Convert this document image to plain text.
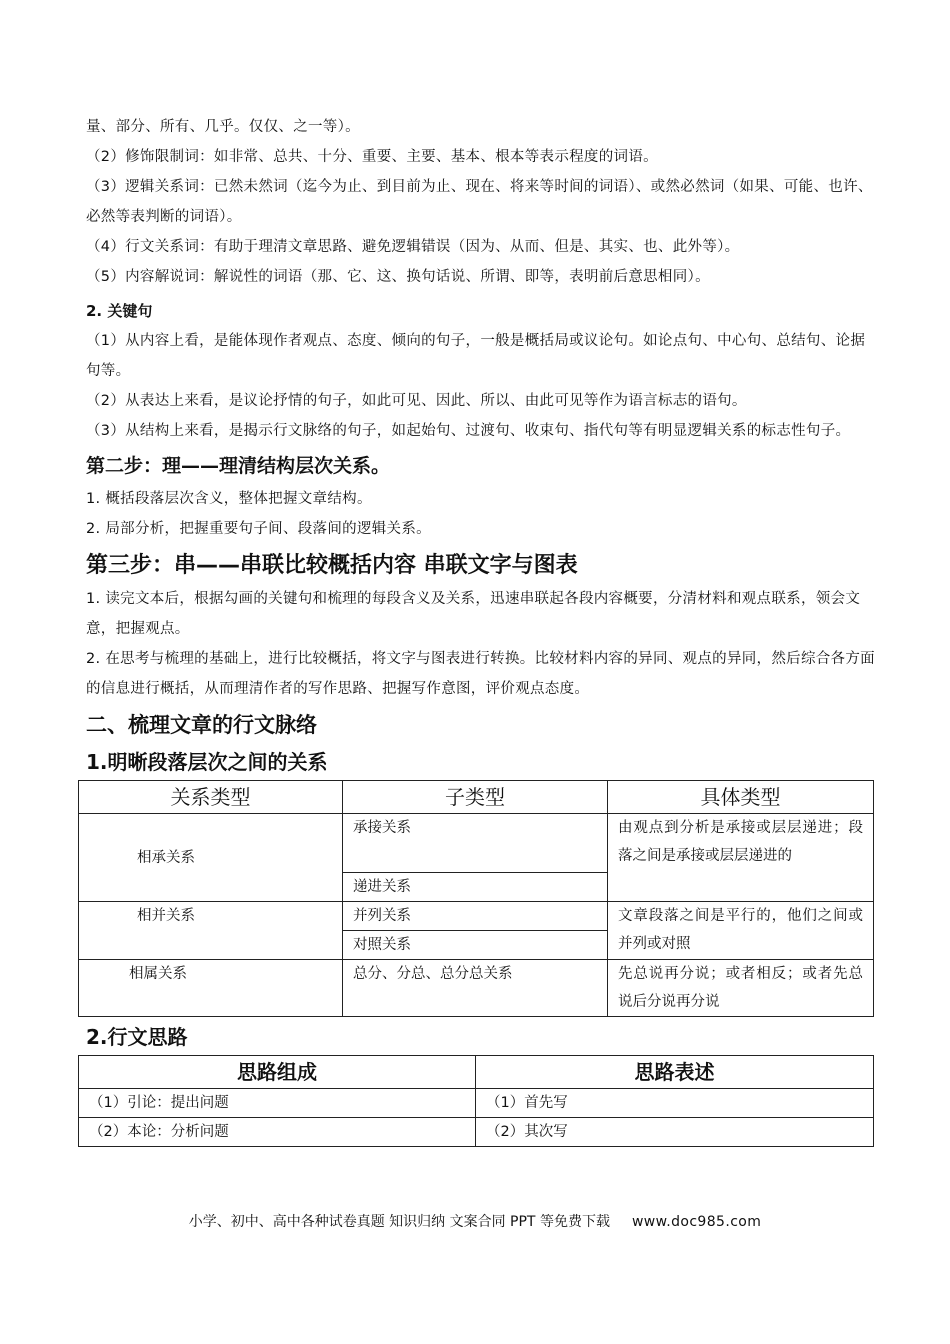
量、部分、所有、几乎。仅仅、之一等）。

（2）修饰限制词：如非常、总共、十分、重要、主要、基本、根本等表示程度的词语。

（3）逻辑关系词：已然未然词（迄今为止、到目前为止、现在、将来等时间的词语）、或然必然词（如果、可能、也许、必然等表判断的词语）。

（4）行文关系词：有助于理清文章思路、避免逻辑错误（因为、从而、但是、其实、也、此外等）。

（5）内容解说词：解说性的词语（那、它、这、换句话说、所谓、即等，表明前后意思相同）。

2. 关键句

（1）从内容上看，是能体现作者观点、态度、倾向的句子，一般是概括局或议论句。如论点句、中心句、总结句、论据句等。

（2）从表达上来看，是议论抒情的句子，如此可见、因此、所以、由此可见等作为语言标志的语句。

（3）从结构上来看，是揭示行文脉络的句子，如起始句、过渡句、收束句、指代句等有明显逻辑关系的标志性句子。

第二步：理——理清结构层次关系。

1. 概括段落层次含义，整体把握文章结构。

2. 局部分析，把握重要句子间、段落间的逻辑关系。

第三步：串——串联比较概括内容 串联文字与图表

1. 读完文本后，根据勾画的关键句和梳理的每段含义及关系，迅速串联起各段内容概要，分清材料和观点联系，领会文意，把握观点。

2. 在思考与梳理的基础上，进行比较概括，将文字与图表进行转换。比较材料内容的异同、观点的异同，然后综合各方面的信息进行概括，从而理清作者的写作思路、把握写作意图，评价观点态度。

二、梳理文章的行文脉络

1.明晰段落层次之间的关系

关系类型	子类型	具体类型

相承关系	承接关系	由观点到分析是承接或层层递进；段落之间是承接或层层递进的
	递进关系	

相并关系	并列关系	文章段落之间是平行的，他们之间或并列或对照
	对照关系	

相属关系	总分、分总、总分总关系	先总说再分说；或者相反；或者先总说后分说再分说

2.行文思路

思路组成	思路表述
（1）引论：提出问题	（1）首先写
（2）本论：分析问题	（2）其次写
小学、初中、高中各种试卷真题 知识归纳 文案合同 PPT 等免费下载 www.doc985.com
